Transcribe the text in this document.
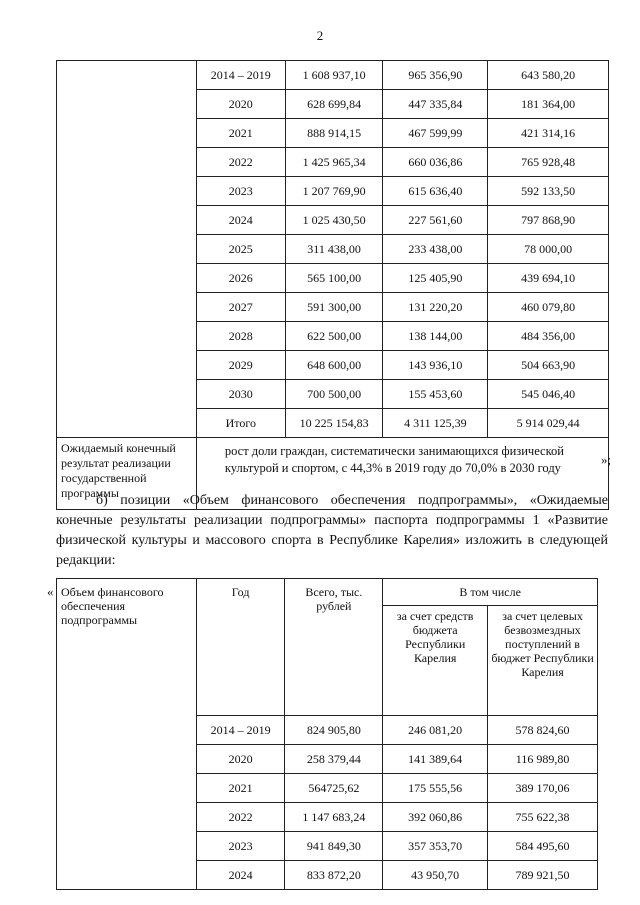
2
	2014 – 2019	1 608 937,10	965 356,90	643 580,20
	2020	628 699,84	447 335,84	181 364,00
	2021	888 914,15	467 599,99	421 314,16
	2022	1 425 965,34	660 036,86	765 928,48
	2023	1 207 769,90	615 636,40	592 133,50
	2024	1 025 430,50	227 561,60	797 868,90
	2025	311 438,00	233 438,00	78 000,00
	2026	565 100,00	125 405,90	439 694,10
	2027	591 300,00	131 220,20	460 079,80
	2028	622 500,00	138 144,00	484 356,00
	2029	648 600,00	143 936,10	504 663,90
	2030	700 500,00	155 453,60	545 046,40
	Итого	10 225 154,83	4 311 125,39	5 914 029,44
Ожидаемый конечный результат реализации государственной программы	рост доли граждан, систематически занимающихся физической культурой и спортом, с 44,3% в 2019 году до 70,0% в 2030 году			
»;
б) позиции «Объем финансового обеспечения подпрограммы», «Ожидаемые конечные результаты реализации подпрограммы» паспорта подпрограммы 1 «Развитие физической культуры и массового спорта в Республике Карелия» изложить в следующей редакции:
« Объем финансового обеспечения подпрограммы	Год	Всего, тыс. рублей	В том числе	
			за счет средств бюджета Республики Карелия	за счет целевых безвозмездных поступлений в бюджет Республики Карелия
	2014 – 2019	824 905,80	246 081,20	578 824,60
	2020	258 379,44	141 389,64	116 989,80
	2021	564725,62	175 555,56	389 170,06
	2022	1 147 683,24	392 060,86	755 622,38
	2023	941 849,30	357 353,70	584 495,60
	2024	833 872,20	43 950,70	789 921,50
